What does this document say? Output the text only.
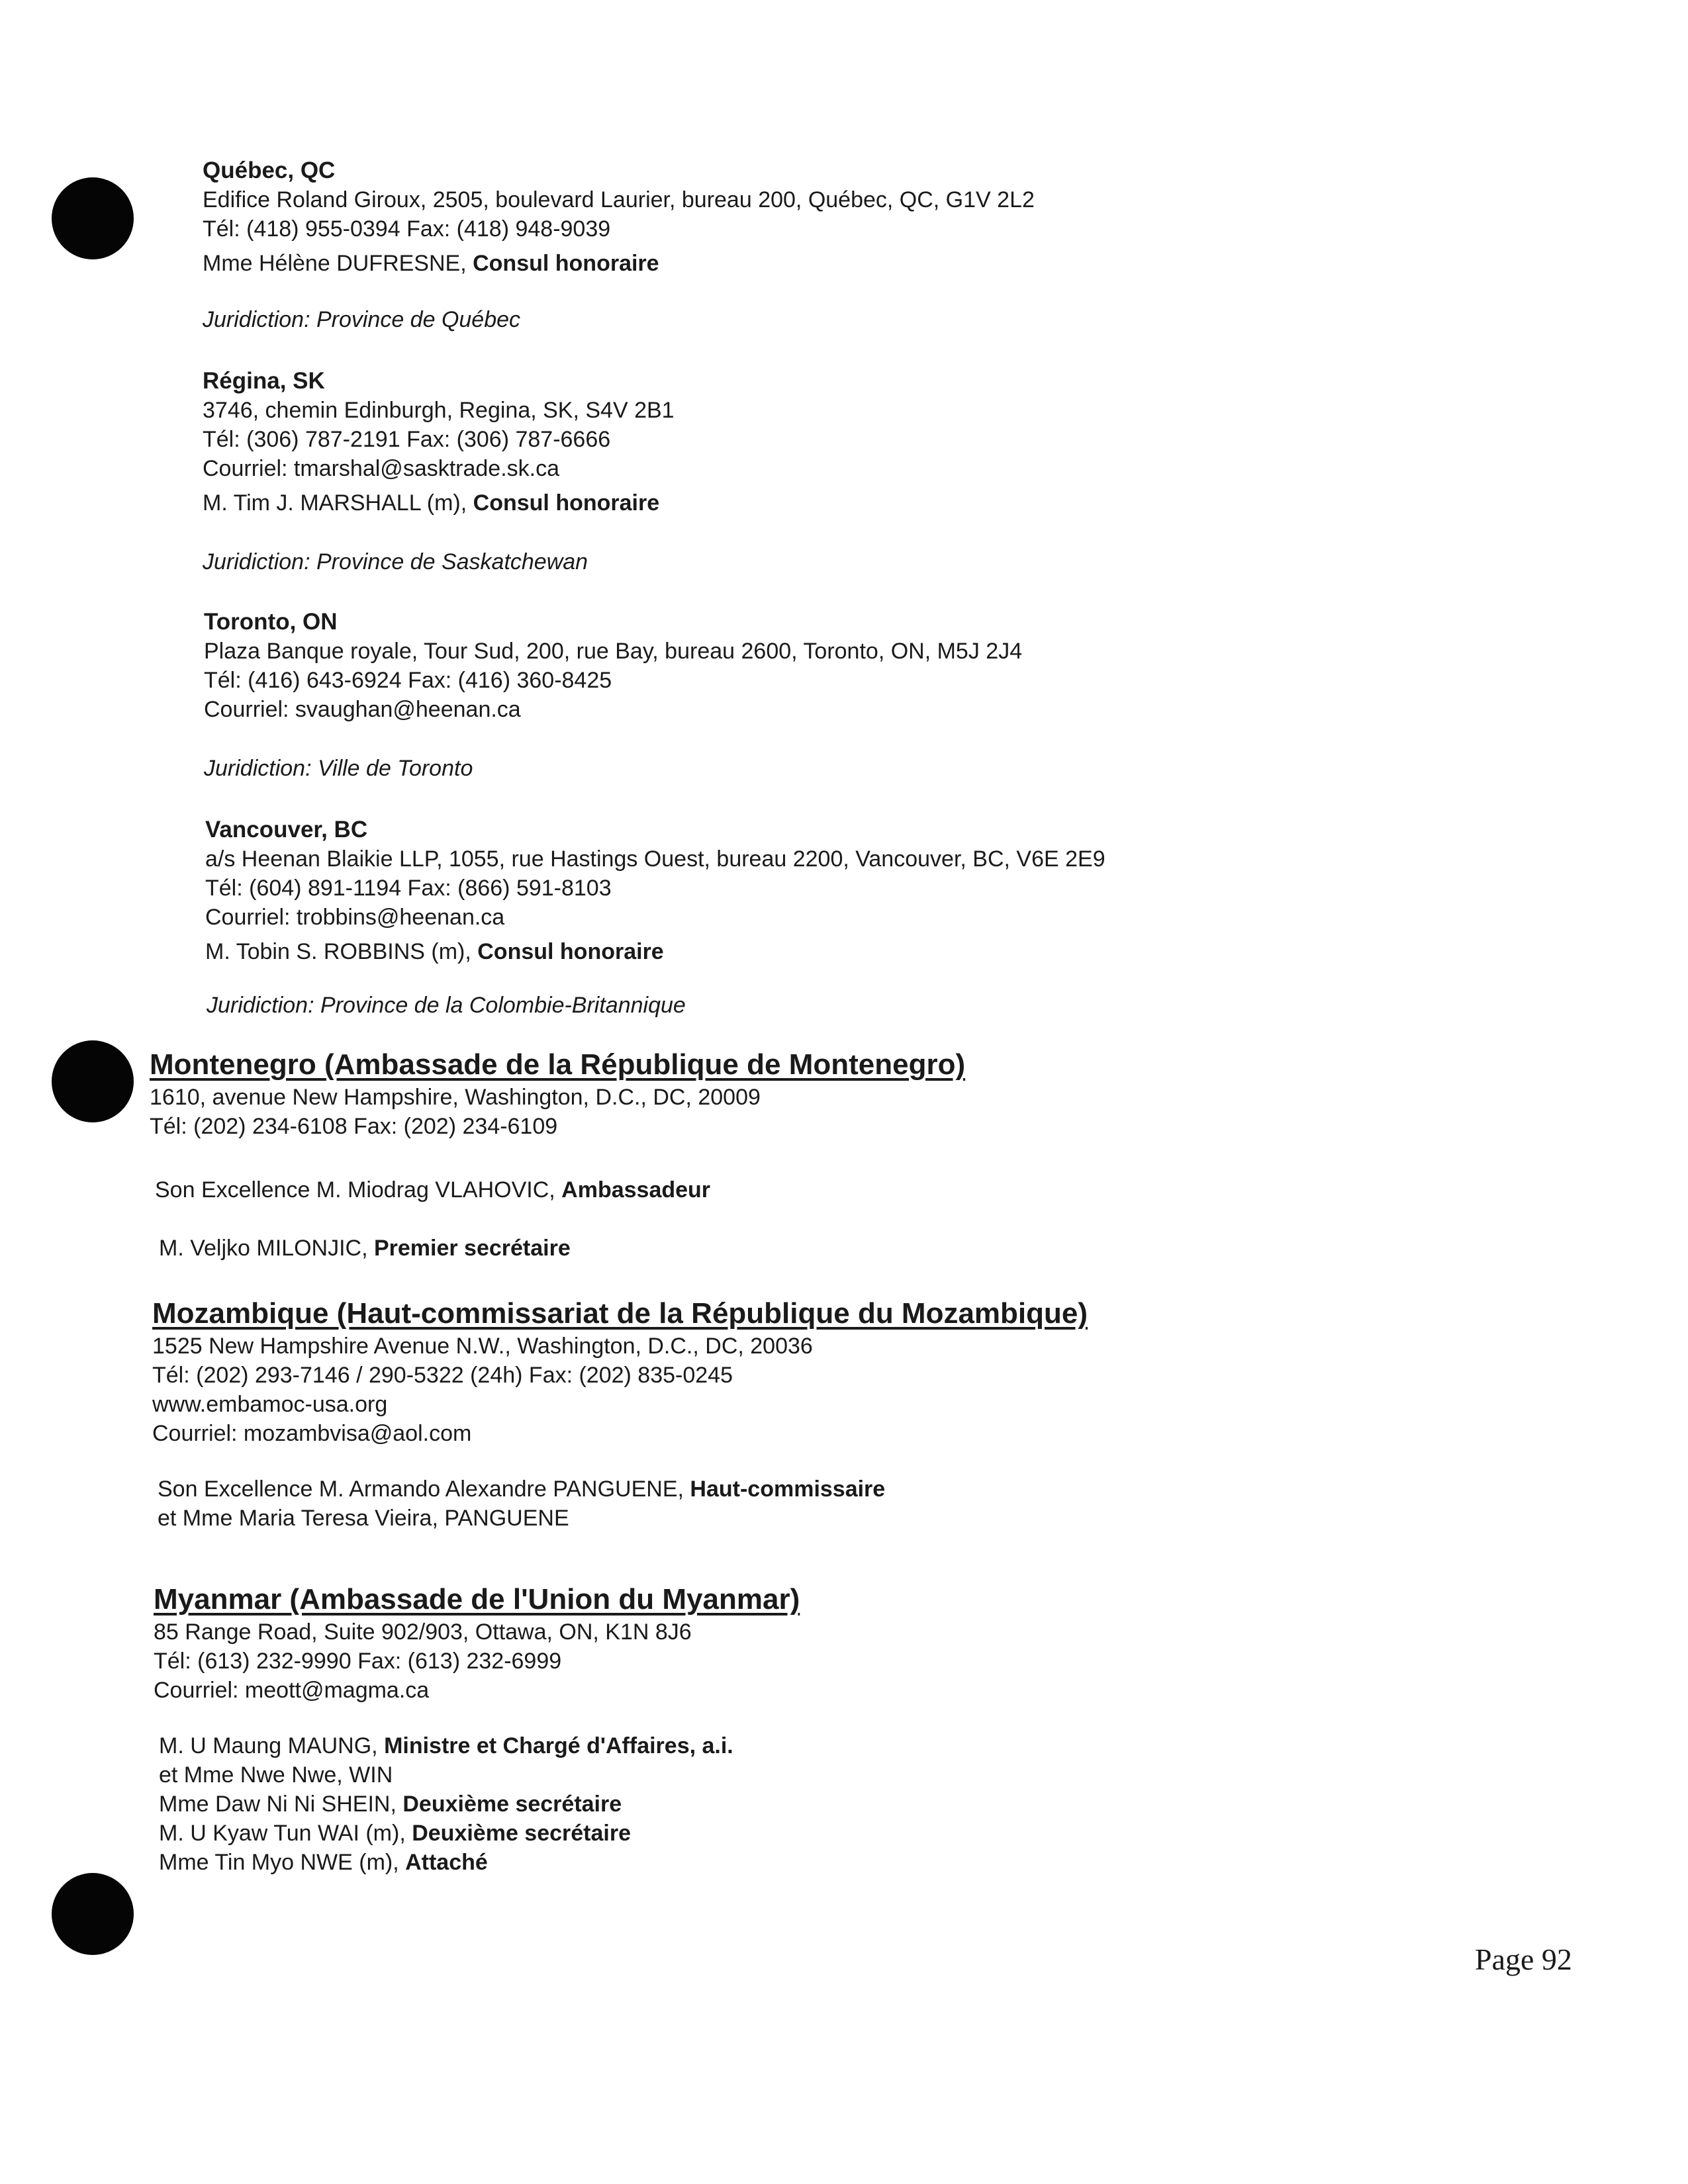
Québec, QC
Edifice Roland Giroux, 2505, boulevard Laurier, bureau 200, Québec, QC, G1V 2L2
Tél: (418) 955-0394 Fax: (418) 948-9039
Mme Hélène DUFRESNE, Consul honoraire
Juridiction: Province de Québec
Régina, SK
3746, chemin Edinburgh, Regina, SK, S4V 2B1
Tél: (306) 787-2191 Fax: (306) 787-6666
Courriel: tmarshal@sasktrade.sk.ca
M. Tim J. MARSHALL (m), Consul honoraire
Juridiction: Province de Saskatchewan
Toronto, ON
Plaza Banque royale, Tour Sud, 200, rue Bay, bureau 2600, Toronto, ON, M5J 2J4
Tél: (416) 643-6924 Fax: (416) 360-8425
Courriel: svaughan@heenan.ca
Juridiction: Ville de Toronto
Vancouver, BC
a/s Heenan Blaikie LLP, 1055, rue Hastings Ouest, bureau 2200, Vancouver, BC, V6E 2E9
Tél: (604) 891-1194 Fax: (866) 591-8103
Courriel: trobbins@heenan.ca
M. Tobin S. ROBBINS (m), Consul honoraire
Juridiction: Province de la Colombie-Britannique
Montenegro (Ambassade de la République de Montenegro)
1610, avenue New Hampshire, Washington, D.C., DC, 20009
Tél: (202) 234-6108 Fax: (202) 234-6109
Son Excellence M. Miodrag VLAHOVIC, Ambassadeur
M. Veljko MILONJIC, Premier secrétaire
Mozambique (Haut-commissariat de la République du Mozambique)
1525 New Hampshire Avenue N.W., Washington, D.C., DC, 20036
Tél: (202) 293-7146 / 290-5322 (24h) Fax: (202) 835-0245
www.embamoc-usa.org
Courriel: mozambvisa@aol.com
Son Excellence M. Armando Alexandre PANGUENE, Haut-commissaire
et Mme Maria Teresa Vieira, PANGUENE
Myanmar (Ambassade de l'Union du Myanmar)
85 Range Road, Suite 902/903, Ottawa, ON, K1N 8J6
Tél: (613) 232-9990 Fax: (613) 232-6999
Courriel: meott@magma.ca
M. U Maung MAUNG, Ministre et Chargé d'Affaires, a.i.
et Mme Nwe Nwe, WIN
Mme Daw Ni Ni SHEIN, Deuxième secrétaire
M. U Kyaw Tun WAI (m), Deuxième secrétaire
Mme Tin Myo NWE (m), Attaché
Page 92
